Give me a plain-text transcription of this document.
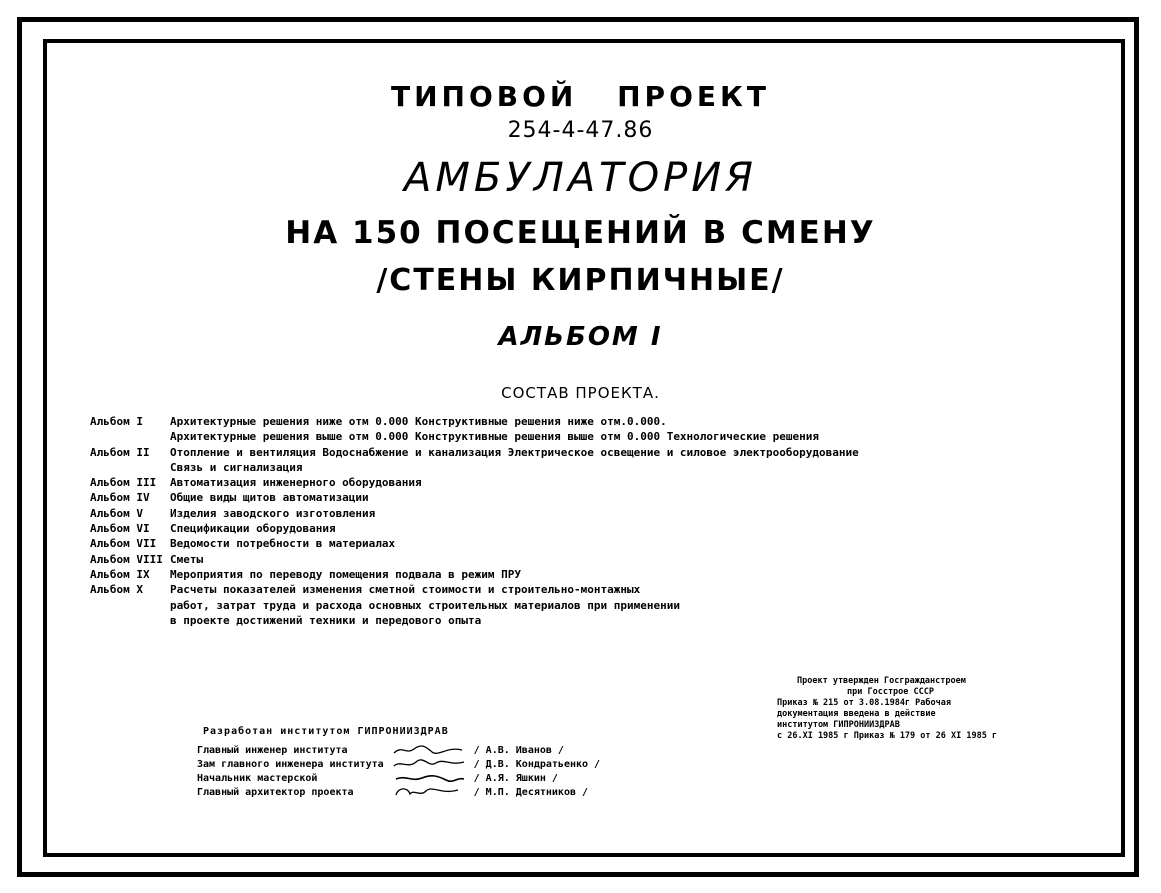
ТИПОВОЙ ПРОЕКТ
254-4-47.86
АМБУЛАТОРИЯ
НА 150 ПОСЕЩЕНИЙ В СМЕНУ
/СТЕНЫ КИРПИЧНЫЕ/
АЛЬБОМ I
СОСТАВ ПРОЕКТА.
Альбом I	Архитектурные решения ниже отм 0.000 Конструктивные решения ниже отм.0.000.
Архитектурные решения выше отм 0.000 Конструктивные решения выше отм 0.000 Технологические решения
Альбом II	Отопление и вентиляция Водоснабжение и канализация Электрическое освещение и силовое электрооборудование
Связь и сигнализация
Альбом III	Автоматизация инженерного оборудования
Альбом IV	Общие виды щитов автоматизации
Альбом V	Изделия заводского изготовления
Альбом VI	Спецификации оборудования
Альбом VII	Ведомости потребности в материалах
Альбом VIII Сметы
Альбом IX	Мероприятия по переводу помещения подвала в режим ПРУ
Альбом X	Расчеты показателей изменения сметной стоимости и строительно-монтажных
работ, затрат труда и расхода основных строительных материалов при применении
в проекте достижений техники и передового опыта
Проект утвержден Госгражданстроем
при Госстрое СССР
Приказ № 215 от 3.08.1984г Рабочая
документация введена в действие
институтом ГИПРОНИИЗДРАВ
с 26.XI 1985 г Приказ № 179 от 26 XI 1985 г
Разработан институтом ГИПРОНИИЗДРАВ
Главный инженер института		/ А.В. Иванов /
Зам главного инженера института		/ Д.В. Кондратьенко /
Начальник мастерской		/ А.Я. Яшкин /
Главный архитектор проекта		/ М.П. Десятников /
